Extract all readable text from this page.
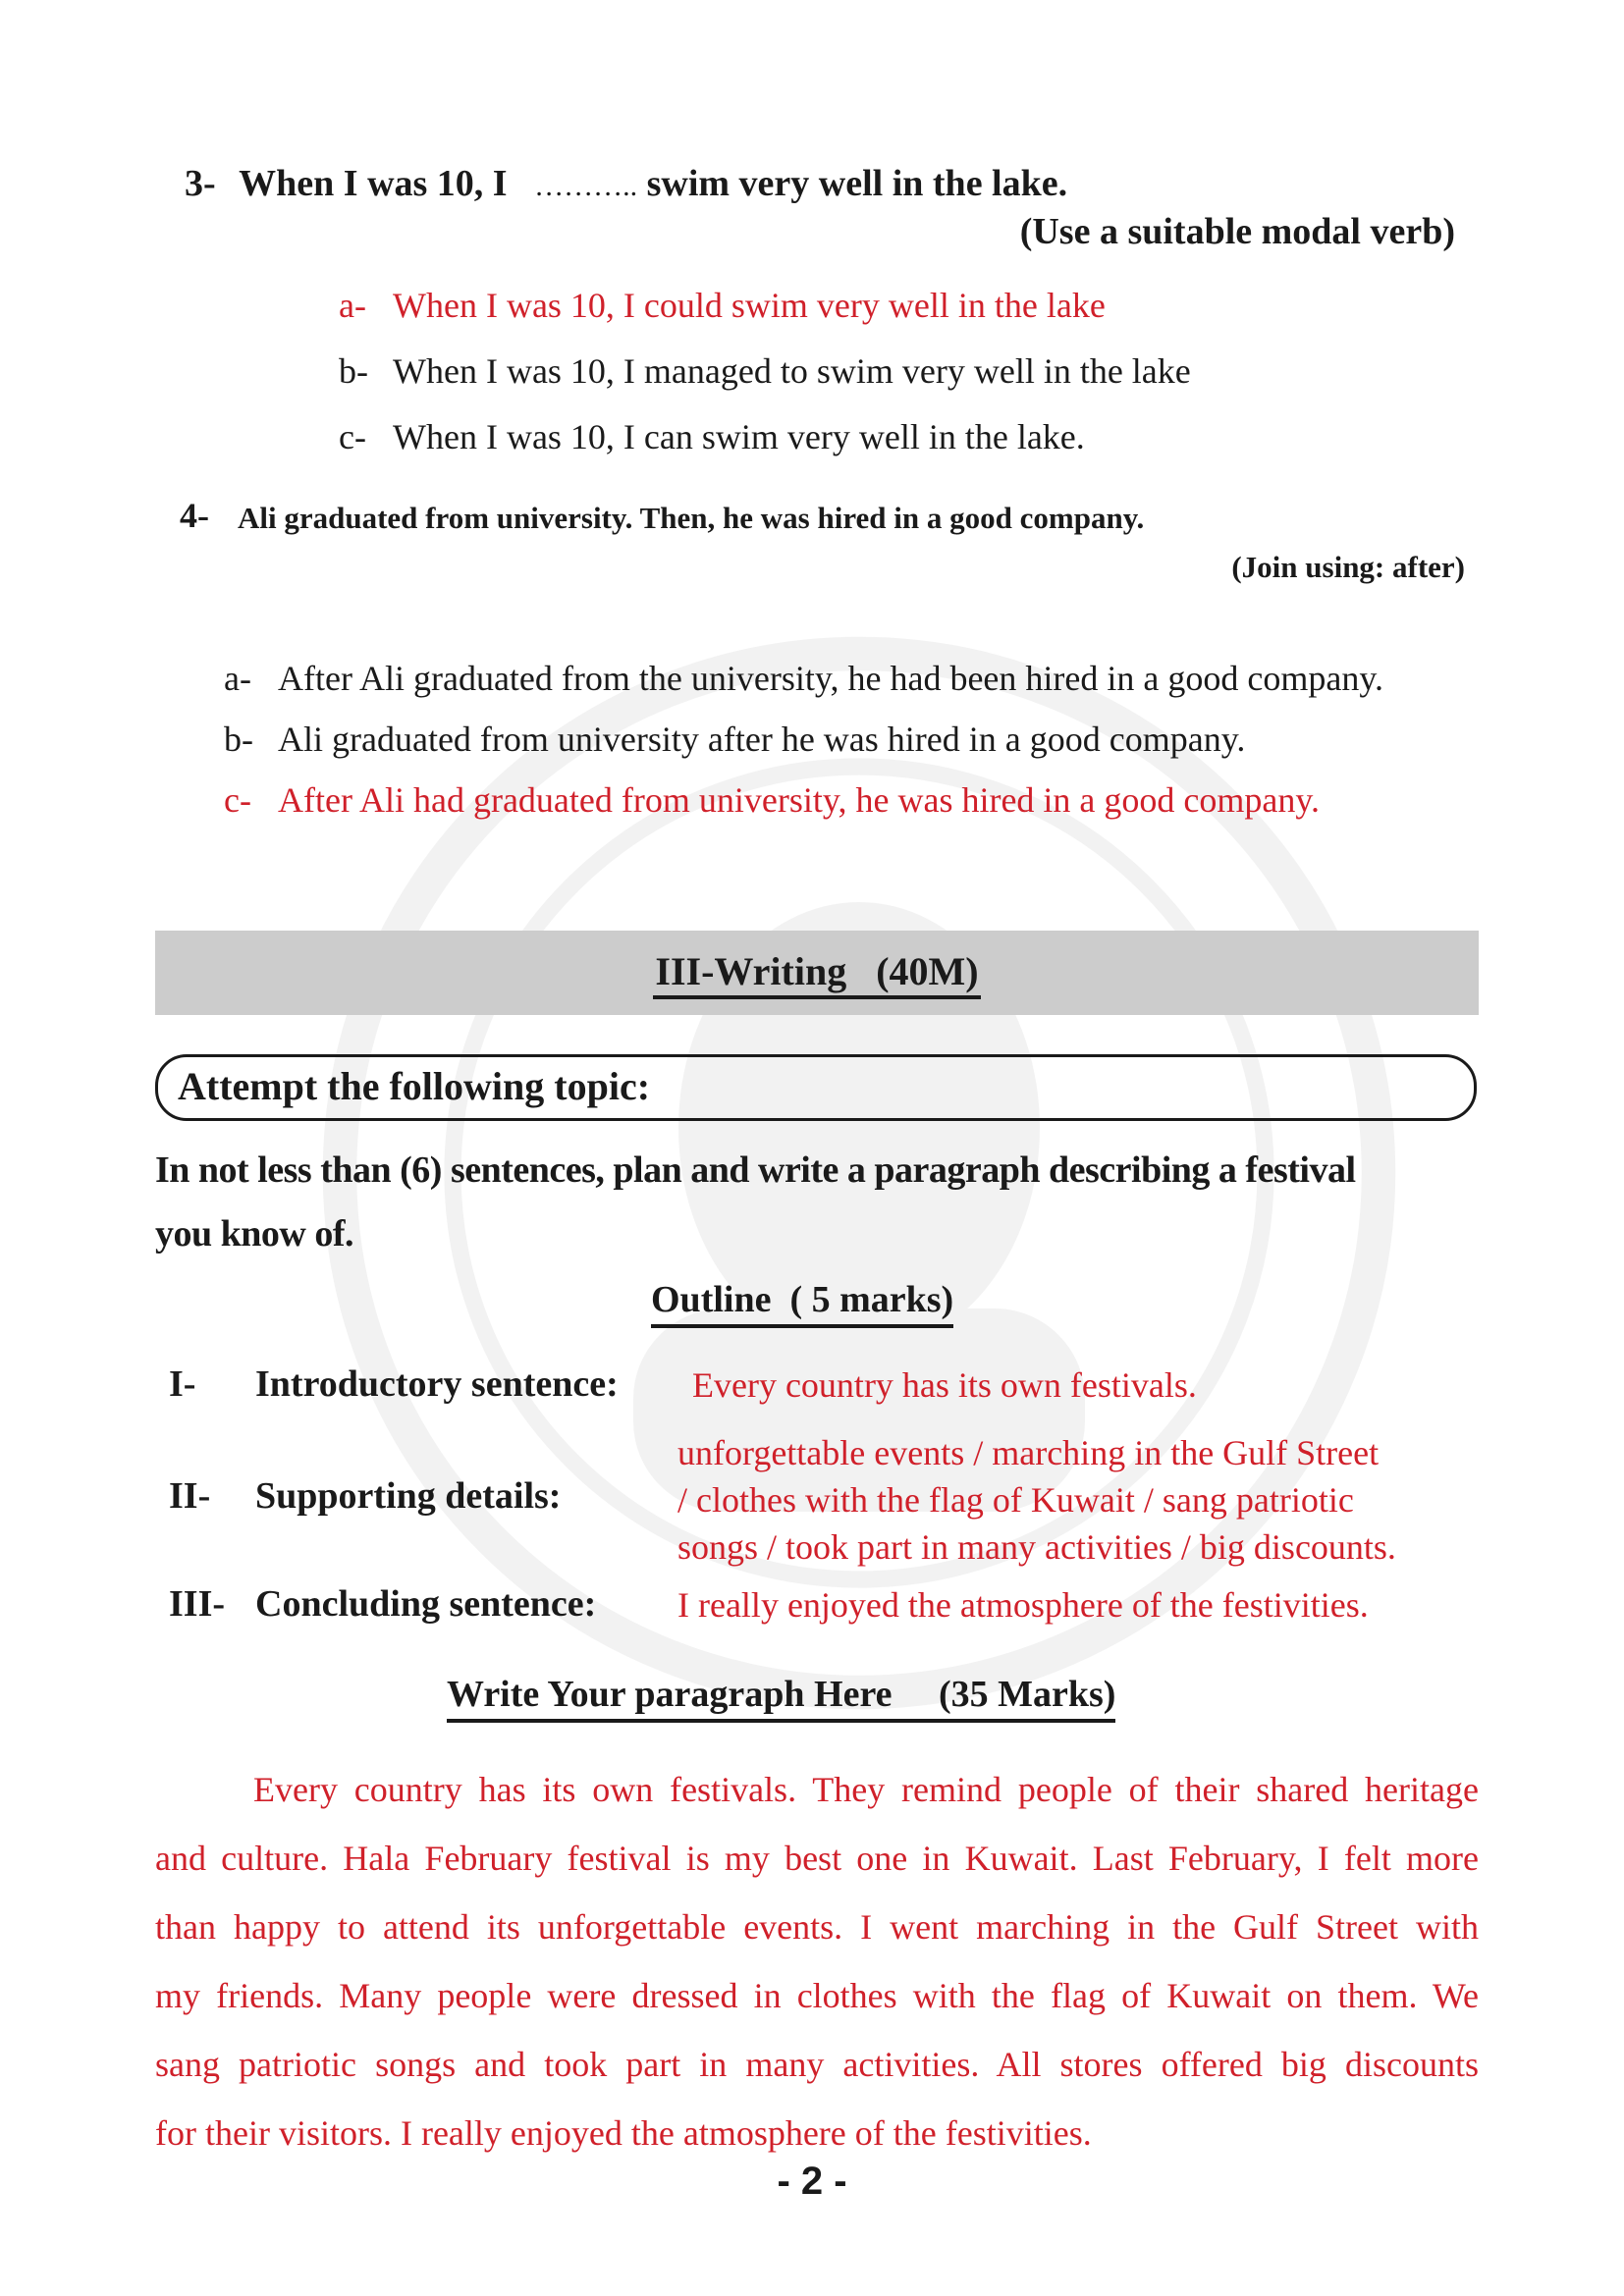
3- When I was 10, I ……….. swim very well in the lake.
(Use a suitable modal verb)
a- When I was 10, I could swim very well in the lake
b- When I was 10, I managed to swim very well in the lake
c- When I was 10, I can swim very well in the lake.
4- Ali graduated from university. Then, he was hired in a good company.
(Join using: after)
a- After Ali graduated from the university, he had been hired in a good company.
b- Ali graduated from university after he was hired in a good company.
c- After Ali had graduated from university, he was hired in a good company.
III-Writing   (40M)
Attempt the following topic:
In not less than (6) sentences, plan and write a paragraph describing a festival
you know of.
Outline  ( 5 marks)
I- Introductory sentence: Every country has its own festivals.
II- Supporting details:
unforgettable events / marching in the Gulf Street
/ clothes with the flag of Kuwait / sang patriotic
songs / took part in many activities / big discounts.
III- Concluding sentence: I really enjoyed the atmosphere of the festivities.
Write Your paragraph Here     (35 Marks)
Every country has its own festivals. They remind people of their shared heritage
and culture. Hala February festival is my best one in Kuwait. Last February, I felt more
than happy to attend its unforgettable events. I went marching in the Gulf Street with
my friends. Many people were dressed in clothes with the flag of Kuwait on them. We
sang patriotic songs and took part in many activities. All stores offered big discounts
for their visitors. I really enjoyed the atmosphere of the festivities.
- 2 -
